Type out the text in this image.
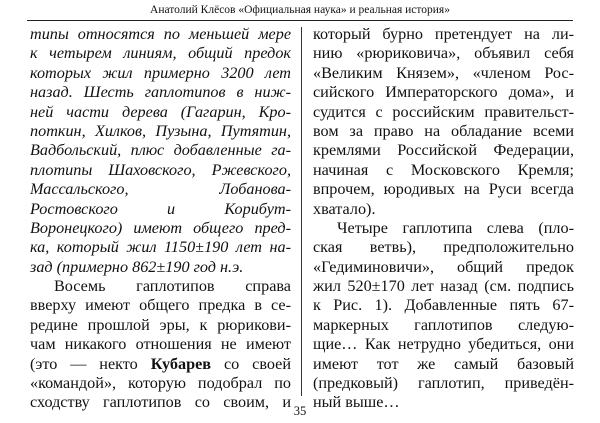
Анатолий Клёсов «Официальная наука» и реальная история»
типы относятся по меньшей мере
к четырем линиям, общий предок
которых жил примерно 3200 лет
назад. Шесть гаплотипов в ниж-
ней части дерева (Гагарин, Кро-
поткин, Хилков, Пузына, Путятин,
Вадбольский, плюс добавленные га-
плотипы Шаховского, Ржевского,
Массальского, Лобанова-
Ростовского и Корибут-
Воронецкого) имеют общего пред-
ка, который жил 1150±190 лет на-
зад (примерно 862±190 год н.э.
Восемь гаплотипов справа
вверху имеют общего предка в се-
редине прошлой эры, к рюрикови-
чам никакого отношения не имеют
(это — некто Кубарев со своей
«командой», которую подобрал по
сходству гаплотипов со своим, и
который бурно претендует на ли-
нию «рюриковича», объявил себя
«Великим Князем», «членом Рос-
сийского Императорского дома», и
судится с российским правительст-
вом за право на обладание всеми
кремлями Российской Федерации,
начиная с Московского Кремля;
впрочем, юродивых на Руси всегда
хватало).
Четыре гаплотипа слева (пло-
ская ветвь), предположительно
«Гедиминовичи», общий предок
жил 520±170 лет назад (см. подпись
к Рис. 1). Добавленные пять 67-
маркерных гаплотипов следую-
щие… Как нетрудно убедиться, они
имеют тот же самый базовый
(предковый) гаплотип, приведён-
ный выше…
35
